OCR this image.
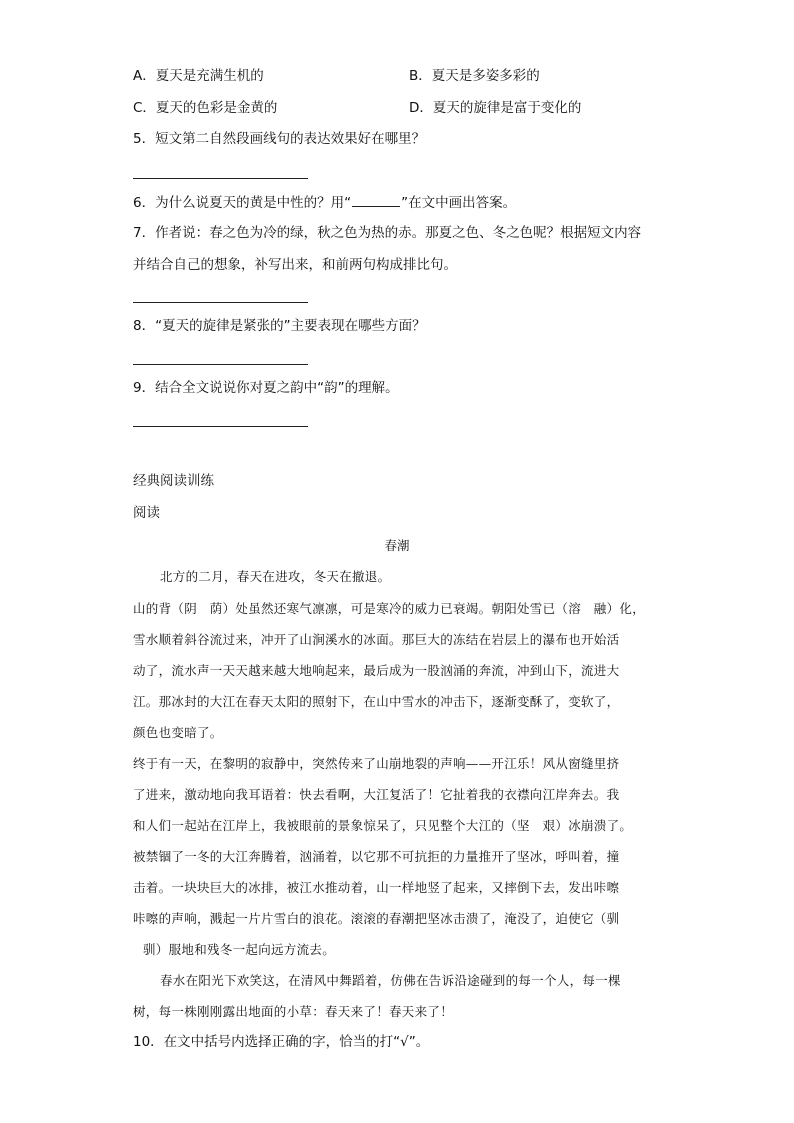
A．夏天是充满生机的	B．夏天是多姿多彩的
C．夏天的色彩是金黄的	D．夏天的旋律是富于变化的
5．短文第二自然段画线句的表达效果好在哪里？
6．为什么说夏天的黄是中性的？用“	”在文中画出答案。
7．作者说：春之色为冷的绿，秋之色为热的赤。那夏之色、冬之色呢？根据短文内容
并结合自己的想象，补写出来，和前两句构成排比句。
8．“夏天的旋律是紧张的”主要表现在哪些方面？
9．结合全文说说你对夏之韵中“韵”的理解。
经典阅读训练
阅读
春潮
北方的二月，春天在进攻，冬天在撤退。
山的背（阴　荫）处虽然还寒气凛凛，可是寒冷的威力已衰竭。朝阳处雪已（溶　融）化，
雪水顺着斜谷流过来，冲开了山涧溪水的冰面。那巨大的冻结在岩层上的瀑布也开始活
动了，流水声一天天越来越大地响起来，最后成为一股汹涌的奔流，冲到山下，流进大
江。那冰封的大江在春天太阳的照射下，在山中雪水的冲击下，逐渐变酥了，变软了，
颜色也变暗了。
终于有一天，在黎明的寂静中，突然传来了山崩地裂的声响——开江乐！风从窗缝里挤
了进来，激动地向我耳语着：快去看啊，大江复活了！它扯着我的衣襟向江岸奔去。我
和人们一起站在江岸上，我被眼前的景象惊呆了，只见整个大江的（坚　艰）冰崩溃了。
被禁锢了一冬的大江奔腾着，汹涌着，以它那不可抗拒的力量推开了坚冰，呼叫着，撞
击着。一块块巨大的冰排，被江水推动着，山一样地竖了起来，又摔倒下去，发出咔嚓
咔嚓的声响，溅起一片片雪白的浪花。滚滚的春潮把坚冰击溃了，淹没了，迫使它（驯
驯）服地和残冬一起向远方流去。
春水在阳光下欢笑这，在清风中舞蹈着，仿佛在告诉沿途碰到的每一个人，每一棵
树，每一株刚刚露出地面的小草：春天来了！春天来了！
10．在文中括号内选择正确的字，恰当的打“√”。
